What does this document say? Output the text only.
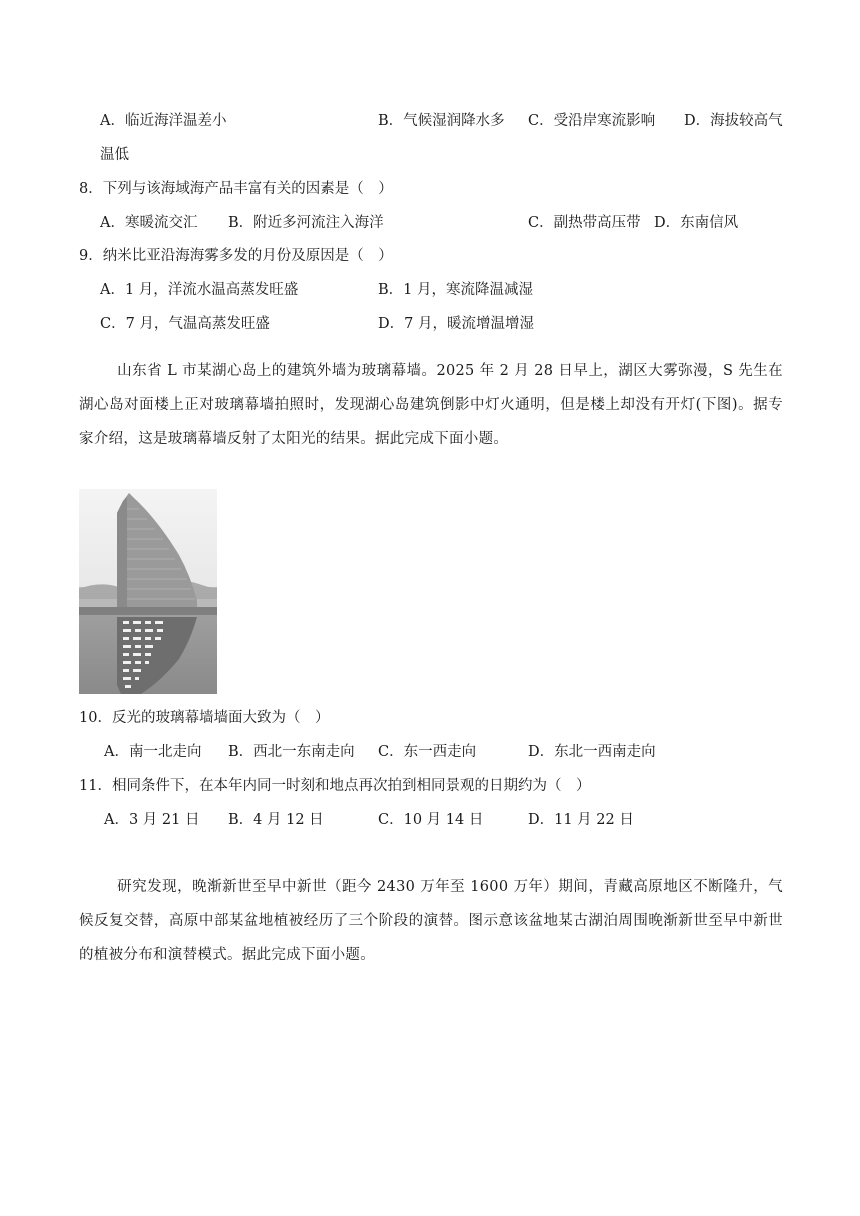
A．临近海洋温差小	B．气候湿润降水多 C．受沿岸寒流影响 D．海拔较高气
温低
8．下列与该海域海产品丰富有关的因素是（　）
A．寒暖流交汇 B．附近多河流注入海洋	C．副热带高压带 D．东南信风
9．纳米比亚沿海海雾多发的月份及原因是（　）
A．1 月，洋流水温高蒸发旺盛	B．1 月，寒流降温减湿
C．7 月，气温高蒸发旺盛	D．7 月，暖流增温增湿
山东省 L 市某湖心岛上的建筑外墙为玻璃幕墙。2025 年 2 月 28 日早上，湖区大雾弥漫，S 先生在湖心岛对面楼上正对玻璃幕墙拍照时，发现湖心岛建筑倒影中灯火通明，但是楼上却没有开灯(下图)。据专家介绍，这是玻璃幕墙反射了太阳光的结果。据此完成下面小题。
10．反光的玻璃幕墙墙面大致为（　）
A．南一北走向 B．西北一东南走向 C．东一西走向	D．东北一西南走向
11．相同条件下，在本年内同一时刻和地点再次拍到相同景观的日期约为（　）
A．3 月 21 日 B．4 月 12 日	C．10 月 14 日	D．11 月 22 日
研究发现，晚渐新世至早中新世（距今 2430 万年至 1600 万年）期间，青藏高原地区不断隆升，气候反复交替，高原中部某盆地植被经历了三个阶段的演替。图示意该盆地某古湖泊周围晚渐新世至早中新世的植被分布和演替模式。据此完成下面小题。
